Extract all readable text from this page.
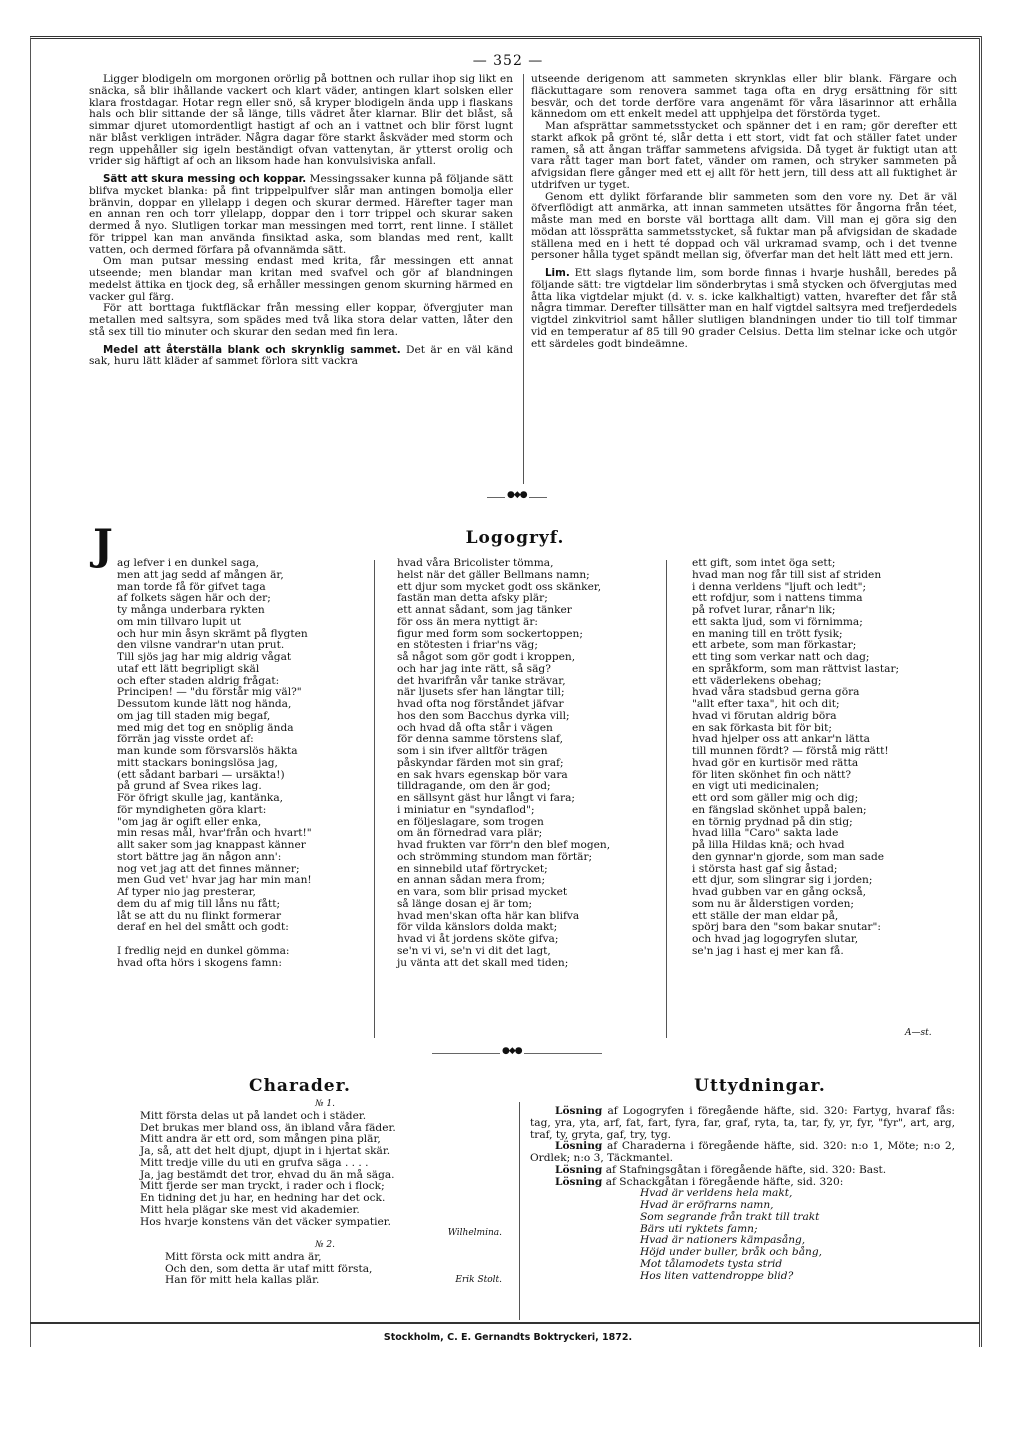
— 352 —

Ligger blodigeln om morgonen orörlig på bottnen och rullar ihop sig likt en snäcka, så blir ihållande vackert och klart väder, antingen klart solsken eller klara frostdagar. Hotar regn eller snö, så kryper blodigeln ända upp i flaskans hals och blir sittande der så länge, tills vädret åter klarnar. Blir det blåst, så simmar djuret utomordentligt hastigt af och an i vattnet och blir först lugnt när blåst verkligen inträder. Några dagar före starkt åskväder med storm och regn uppehåller sig igeln beständigt ofvan vattenytan, är ytterst orolig och vrider sig häftigt af och an liksom hade han konvulsiviska anfall.

Sätt att skura messing och koppar. Messingssaker kunna på följande sätt blifva mycket blanka: på fint trippelpulfver slår man antingen bomolja eller bränvin, doppar en yllelapp i degen och skurar dermed. Härefter tager man en annan ren och torr yllelapp, doppar den i torr trippel och skurar saken dermed å nyo. Slutligen torkar man messingen med torrt, rent linne. I stället för trippel kan man använda finsiktad aska, som blandas med rent, kallt vatten, och dermed förfara på ofvannämda sätt.

Om man putsar messing endast med krita, får messingen ett annat utseende; men blandar man kritan med svafvel och gör af blandningen medelst ättika en tjock deg, så erhåller messingen genom skurning härmed en vacker gul färg.

För att borttaga fuktfläckar från messing eller koppar, öfvergjuter man metallen med saltsyra, som spädes med två lika stora delar vatten, låter den stå sex till tio minuter och skurar den sedan med fin lera.

Medel att återställa blank och skrynklig sammet. Det är en väl känd sak, huru lätt kläder af sammet förlora sitt vackra

utseende derigenom att sammeten skrynklas eller blir blank. Färgare och fläckuttagare som renovera sammet taga ofta en dryg ersättning för sitt besvär, och det torde derföre vara angenämt för våra läsarinnor att erhålla kännedom om ett enkelt medel att upphjelpa det förstörda tyget.

Man afsprättar sammetsstycket och spänner det i en ram; gör derefter ett starkt afkok på grönt té, slår detta i ett stort, vidt fat och ställer fatet under ramen, så att ångan träffar sammetens afvigsida. Då tyget är fuktigt utan att vara rått tager man bort fatet, vänder om ramen, och stryker sammeten på afvigsidan flere gånger med ett ej allt för hett jern, till dess att all fuktighet är utdrifven ur tyget.

Genom ett dylikt förfarande blir sammeten som den vore ny. Det är väl öfverflödigt att anmärka, att innan sammeten utsättes för ångorna från téet, måste man med en borste väl borttaga allt dam. Vill man ej göra sig den mödan att lössprätta sammetsstycket, så fuktar man på afvigsidan de skadade ställena med en i hett té doppad och väl urkramad svamp, och i det tvenne personer hålla tyget spändt mellan sig, öfverfar man det helt lätt med ett jern.

Lim. Ett slags flytande lim, som borde finnas i hvarje hushåll, beredes på följande sätt: tre vigtdelar lim sönderbrytas i små stycken och öfvergjutas med åtta lika vigtdelar mjukt (d. v. s. icke kalkhaltigt) vatten, hvarefter det får stå några timmar. Derefter tillsätter man en half vigtdel saltsyra med trefjerdedels vigtdel zinkvitriol samt håller slutligen blandningen under tio till tolf timmar vid en temperatur af 85 till 90 grader Celsius. Detta lim stelnar icke och utgör ett särdeles godt bindeämne.

●◆●
Logogryf.
J ag lefver i en dunkel saga,
men att jag sedd af mången är,
man torde få för gifvet taga
af folkets sägen här och der;
ty många underbara rykten
om min tillvaro lupit ut
och hur min åsyn skrämt på flygten
den vilsne vandrar'n utan prut.
Till sjös jag har mig aldrig vågat
utaf ett lätt begripligt skäl
och efter staden aldrig frågat:
Principen! — "du förstår mig väl?"
Dessutom kunde lätt nog hända,
om jag till staden mig begaf,
med mig det tog en snöplig ända
förrän jag visste ordet af:
man kunde som försvarslös häkta
mitt stackars boningslösa jag,
(ett sådant barbari — ursäkta!)
på grund af Svea rikes lag.
För öfrigt skulle jag, kantänka,
för myndigheten göra klart:
"om jag är ogift eller enka,
min resas mål, hvar'från och hvart!"
allt saker som jag knappast känner
stort bättre jag än någon ann':
nog vet jag att det finnes männer;
men Gud vet' hvar jag har min man!
Af typer nio jag presterar,
dem du af mig till låns nu fått;
låt se att du nu flinkt formerar
deraf en hel del smått och godt:

I fredlig nejd en dunkel gömma:
hvad ofta hörs i skogens famn:
hvad våra Bricolister tömma,
helst när det gäller Bellmans namn;
ett djur som mycket godt oss skänker,
fastän man detta afsky plär;
ett annat sådant, som jag tänker
för oss än mera nyttigt är:
figur med form som sockertoppen;
en stötesten i friar'ns väg;
så något som gör godt i kroppen,
och har jag inte rätt, så säg?
det hvarifrån vår tanke strävar,
när ljusets sfer han längtar till;
hvad ofta nog förståndet jäfvar
hos den som Bacchus dyrka vill;
och hvad då ofta står i vägen
för denna samme törstens slaf,
som i sin ifver alltför trägen
påskyndar färden mot sin graf;
en sak hvars egenskap bör vara
tilldragande, om den är god;
en sällsynt gäst hur långt vi fara;
i miniatur en "syndaflod";
en följeslagare, som trogen
om än förnedrad vara plär;
hvad frukten var förr'n den blef mogen,
och strömming stundom man förtär;
en sinnebild utaf förtrycket;
en annan sådan mera from;
en vara, som blir prisad mycket
så länge dosan ej är tom;
hvad men'skan ofta här kan blifva
för vilda känslors dolda makt;
hvad vi åt jordens sköte gifva;
se'n vi vi, se'n vi dit det lagt,
ju vänta att det skall med tiden;
ett gift, som intet öga sett;
hvad man nog får till sist af striden
i denna verldens "ljuft och ledt";
ett rofdjur, som i nattens timma
på rofvet lurar, rånar'n lik;
ett sakta ljud, som vi förnimma;
en maning till en trött fysik;
ett arbete, som man förkastar;
ett ting som verkar natt och dag;
en språkform, som man rättvist lastar;
ett väderlekens obehag;
hvad våra stadsbud gerna göra
"allt efter taxa", hit och dit;
hvad vi förutan aldrig böra
en sak förkasta bit för bit;
hvad hjelper oss att ankar'n lätta
till munnen fördt? — förstå mig rätt!
hvad gör en kurtisör med rätta
för liten skönhet fin och nätt?
en vigt uti medicinalen;
ett ord som gäller mig och dig;
en fängslad skönhet uppå balen;
en törnig prydnad på din stig;
hvad lilla "Caro" sakta lade
på lilla Hildas knä; och hvad
den gynnar'n gjorde, som man sade
i största hast gaf sig åstad;
ett djur, som slingrar sig i jorden;
hvad gubben var en gång också,
som nu är ålderstigen vorden;
ett ställe der man eldar på,
spörj bara den "som bakar snutar":
och hvad jag logogryfen slutar,
se'n jag i hast ej mer kan få.
A—st.
●◆●
Charader.
№ 1.
Mitt första delas ut på landet och i städer.
Det brukas mer bland oss, än ibland våra fäder.
Mitt andra är ett ord, som mången pina plär,
Ja, så, att det helt djupt, djupt in i hjertat skär.
Mitt tredje ville du uti en grufva säga . . . .
Ja, jag bestämdt det tror, ehvad du än må säga.
Mitt fjerde ser man tryckt, i rader och i flock;
En tidning det ju har, en hedning har det ock.
Mitt hela plägar ske mest vid akademier.
Hos hvarje konstens vän det väcker sympatier.
Wilhelmina.
№ 2.
Mitt första ock mitt andra är,
Och den, som detta är utaf mitt första,
Han för mitt hela kallas plär.	Erik Stolt.
Uttydningar.
Lösning af Logogryfen i föregående häfte, sid. 320: Fartyg, hvaraf fås: tag, yra, yta, arf, fat, fart, fyra, far, graf, ryta, ta, tar, fy, yr, fyr, "fyr", art, arg, traf, ty, gryta, gaf, try, tyg.
Lösning af Charaderna i föregående häfte, sid. 320: n:o 1, Möte; n:o 2, Ordlek; n:o 3, Täckmantel.
Lösning af Stafningsgåtan i föregående häfte, sid. 320: Bast.
Lösning af Schackgåtan i föregående häfte, sid. 320:
Hvad är verldens hela makt,
Hvad är eröfrarns namn,
Som segrande från trakt till trakt
Bärs uti ryktets famn;
Hvad är nationers kämpasång,
Höjd under buller, bråk och bång,
Mot tålamodets tysta strid
Hos liten vattendroppe blid?
Stockholm, C. E. Gernandts Boktryckeri, 1872.
